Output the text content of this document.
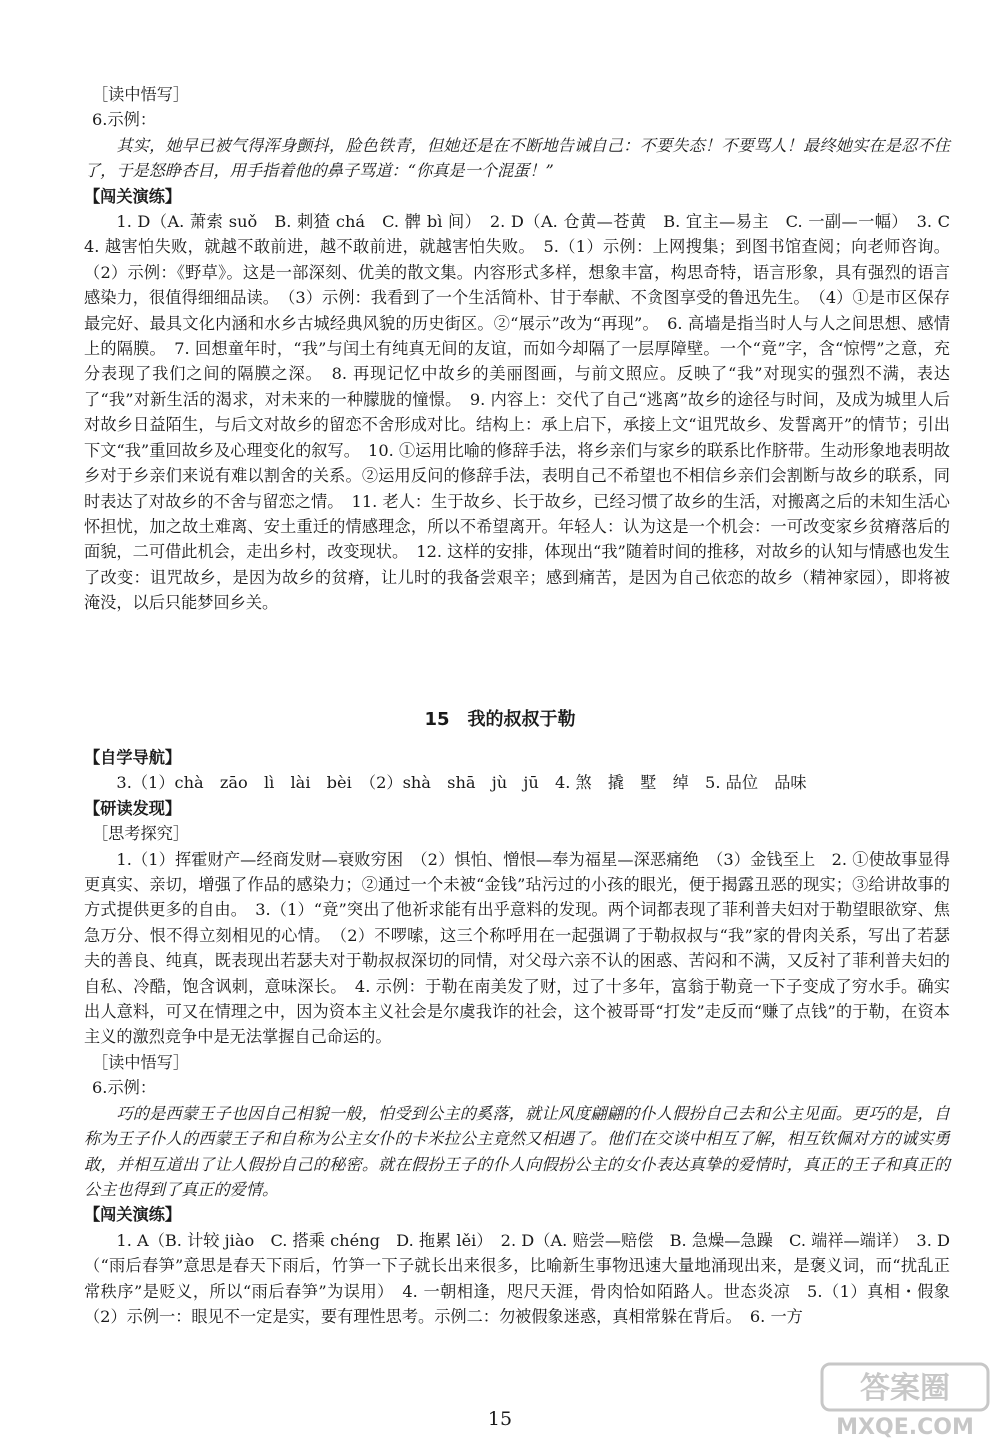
［读中悟写］

6.示例：

其实，她早已被气得浑身颤抖，脸色铁青，但她还是在不断地告诫自己：不要失态！不要骂人！最终她实在是忍不住了，于是怒睁杏目，用手指着他的鼻子骂道：“你真是一个混蛋！”

【闯关演练】

1. D（A. 萧索 suǒ　B. 刺猹 chá　C. 髀 bì 间）　2. D（A. 仓黄—苍黄　B. 宜主—易主　C. 一副—一幅）　3. C　4. 越害怕失败，就越不敢前进，越不敢前进，就越害怕失败。　5.（1）示例：上网搜集；到图书馆查阅；向老师咨询。（2）示例：《野草》。这是一部深刻、优美的散文集。内容形式多样，想象丰富，构思奇特，语言形象，具有强烈的语言感染力，很值得细细品读。　（3）示例：我看到了一个生活简朴、甘于奉献、不贪图享受的鲁迅先生。　（4）①是市区保存最完好、最具文化内涵和水乡古城经典风貌的历史街区。②“展示”改为“再现”。　6. 高墙是指当时人与人之间思想、感情上的隔膜。　7. 回想童年时，“我”与闰土有纯真无间的友谊，而如今却隔了一层厚障壁。一个“竟”字，含“惊愕”之意，充分表现了我们之间的隔膜之深。　8. 再现记忆中故乡的美丽图画，与前文照应。反映了“我”对现实的强烈不满，表达了“我”对新生活的渴求，对未来的一种朦胧的憧憬。　9. 内容上：交代了自己“逃离”故乡的途径与时间，及成为城里人后对故乡日益陌生，与后文对故乡的留恋不舍形成对比。结构上：承上启下，承接上文“诅咒故乡、发誓离开”的情节；引出下文“我”重回故乡及心理变化的叙写。　10. ①运用比喻的修辞手法，将乡亲们与家乡的联系比作脐带。生动形象地表明故乡对于乡亲们来说有难以割舍的关系。②运用反问的修辞手法，表明自己不希望也不相信乡亲们会割断与故乡的联系，同时表达了对故乡的不舍与留恋之情。　11. 老人：生于故乡、长于故乡，已经习惯了故乡的生活，对搬离之后的未知生活心怀担忧，加之故土难离、安土重迁的情感理念，所以不希望离开。年轻人：认为这是一个机会：一可改变家乡贫瘠落后的面貌，二可借此机会，走出乡村，改变现状。　12. 这样的安排，体现出“我”随着时间的推移，对故乡的认知与情感也发生了改变：诅咒故乡，是因为故乡的贫瘠，让儿时的我备尝艰辛；感到痛苦，是因为自己依恋的故乡（精神家园），即将被淹没，以后只能梦回乡关。

15　我的叔叔于勒

【自学导航】

3.（1）chà　zāo　lì　lài　bèi　（2）shà　shā　jù　jū　4. 煞　撬　墅　绰　5. 品位　品味

【研读发现】

［思考探究］

1.（1）挥霍财产—经商发财—衰败穷困　（2）惧怕、憎恨—奉为福星—深恶痛绝　（3）金钱至上　2. ①使故事显得更真实、亲切，增强了作品的感染力；②通过一个未被“金钱”玷污过的小孩的眼光，便于揭露丑恶的现实；③给讲故事的方式提供更多的自由。　3.（1）“竟”突出了他祈求能有出乎意料的发现。两个词都表现了菲利普夫妇对于勒望眼欲穿、焦急万分、恨不得立刻相见的心情。　（2）不啰嗦，这三个称呼用在一起强调了于勒叔叔与“我”家的骨肉关系，写出了若瑟夫的善良、纯真，既表现出若瑟夫对于勒叔叔深切的同情，对父母六亲不认的困惑、苦闷和不满，又反衬了菲利普夫妇的自私、冷酷，饱含讽刺，意味深长。　4. 示例：于勒在南美发了财，过了十多年，富翁于勒竟一下子变成了穷水手。确实出人意料，可又在情理之中，因为资本主义社会是尔虞我诈的社会，这个被哥哥“打发”走反而“赚了点钱”的于勒，在资本主义的激烈竞争中是无法掌握自己命运的。

［读中悟写］

6.示例：

巧的是西蒙王子也因自己相貌一般，怕受到公主的奚落，就让风度翩翩的仆人假扮自己去和公主见面。更巧的是，自称为王子仆人的西蒙王子和自称为公主女仆的卡米拉公主竟然又相遇了。他们在交谈中相互了解，相互钦佩对方的诚实勇敢，并相互道出了让人假扮自己的秘密。就在假扮王子的仆人向假扮公主的女仆表达真挚的爱情时，真正的王子和真正的公主也得到了真正的爱情。

【闯关演练】

1. A（B. 计较 jiào　C. 搭乘 chéng　D. 拖累 lěi）　2. D（A. 赔尝—赔偿　B. 急燥—急躁　C. 端祥—端详）　3. D（“雨后春笋”意思是春天下雨后，竹笋一下子就长出来很多，比喻新生事物迅速大量地涌现出来，是褒义词，而“扰乱正常秩序”是贬义，所以“雨后春笋”为误用）　4. 一朝相逢，咫尺天涯，骨肉恰如陌路人。世态炎凉　5.（1）真相・假象　（2）示例一：眼见不一定是实，要有理性思考。示例二：勿被假象迷惑，真相常躲在背后。　6. 一方

15
答案圈
MXQE.COM
